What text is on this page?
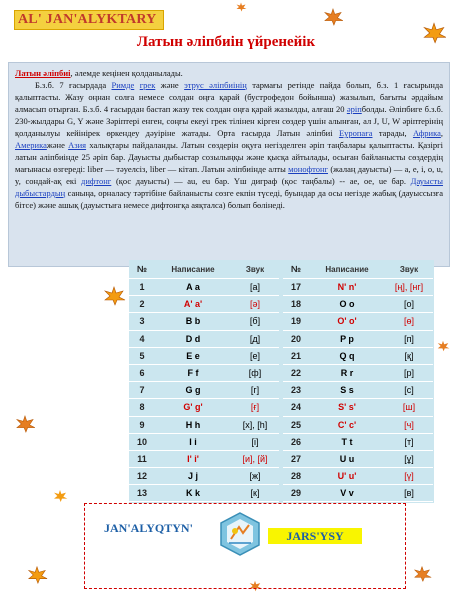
AL' JAN'ALYKTARY
Латын әліпбиін үйренейік

Латын әліпбиі, әлемде кеңінен қолданылады.

Б.з.б. 7 ғасырдада Римде грек және этрус әліпбиінің тармағы ретінде пайда болып, б.з. 1 ғасырында қалыптасты. Жазу оңнан солға немесе солдан оңға қарай (бустрофедон бойынша) жазылып, бағыты әрдайым алмасып отырған. Б.з.б. 4 ғасырдан бастап жазу тек солдан оңға қарай жазылды, алғаш 20 әріпболды. Әліпбиге б.з.б. 230-жылдары G, Y және Зәріптері енген, соңғы екеуі грек тілінен кірген сөздер үшін алынған, ал J, U, W әріптерінің қолданылуы кейінірек өркендеу дәуіріне жатады. Орта ғасырда Латын әліпбиі Еуропаға тарады, Африка, Америкажәне Азия халықтары пайдаланды. Латын сөздерін оқуға негізделген әріп таңбалары қалыптасты. Қазіргі латын әліпбиінде 25 әріп бар. Дауысты дыбыстар созылыңқы және қысқа айтылады, осыған байланысты сөздердің мағынасы өзгереді: liber — тәуелсіз, liber — кітап. Латын әліпбиінде алты монофтонг (жалаң дауысты) — a, e, i, o, u, y, сондай-ақ екі дифтонг (қос дауысты) — au, eu бар. Үш диграф (қос таңбалы) -- ae, oe, ue бар. Дауысты дыбыстардың саныңа, орналасу тәртібіне байланысты сөзге екпін түседі, буындар да осы негізде жабық (дауыссызға бітсе) және ашық (дауыстыға немесе дифтонгқа аяқталса) болып бөлінеді.

№	Написание	Звук
1	A a	[a]
2	A' a'	[ә]
3	B b	[б]
4	D d	[д]
5	E e	[е]
6	F f	[ф]
7	G g	[г]
8	G' g'	[ғ]
9	H h	[х], [h]
10	I i	[і]
11	I' i'	[и], [й]
12	J j	[ж]
13	K k	[к]
№	Написание	Звук
17	N' n'	[ң], [нг]
18	O o	[о]
19	O' o'	[ө]
20	P p	[п]
21	Q q	[қ]
22	R r	[р]
23	S s	[с]
24	S' s'	[ш]
25	C' c'	[ч]
26	T t	[т]
27	U u	[ұ]
28	U' u'	[ү]
29	V v	[в]
JAN'ALYQTYN'
JARS'YSY
